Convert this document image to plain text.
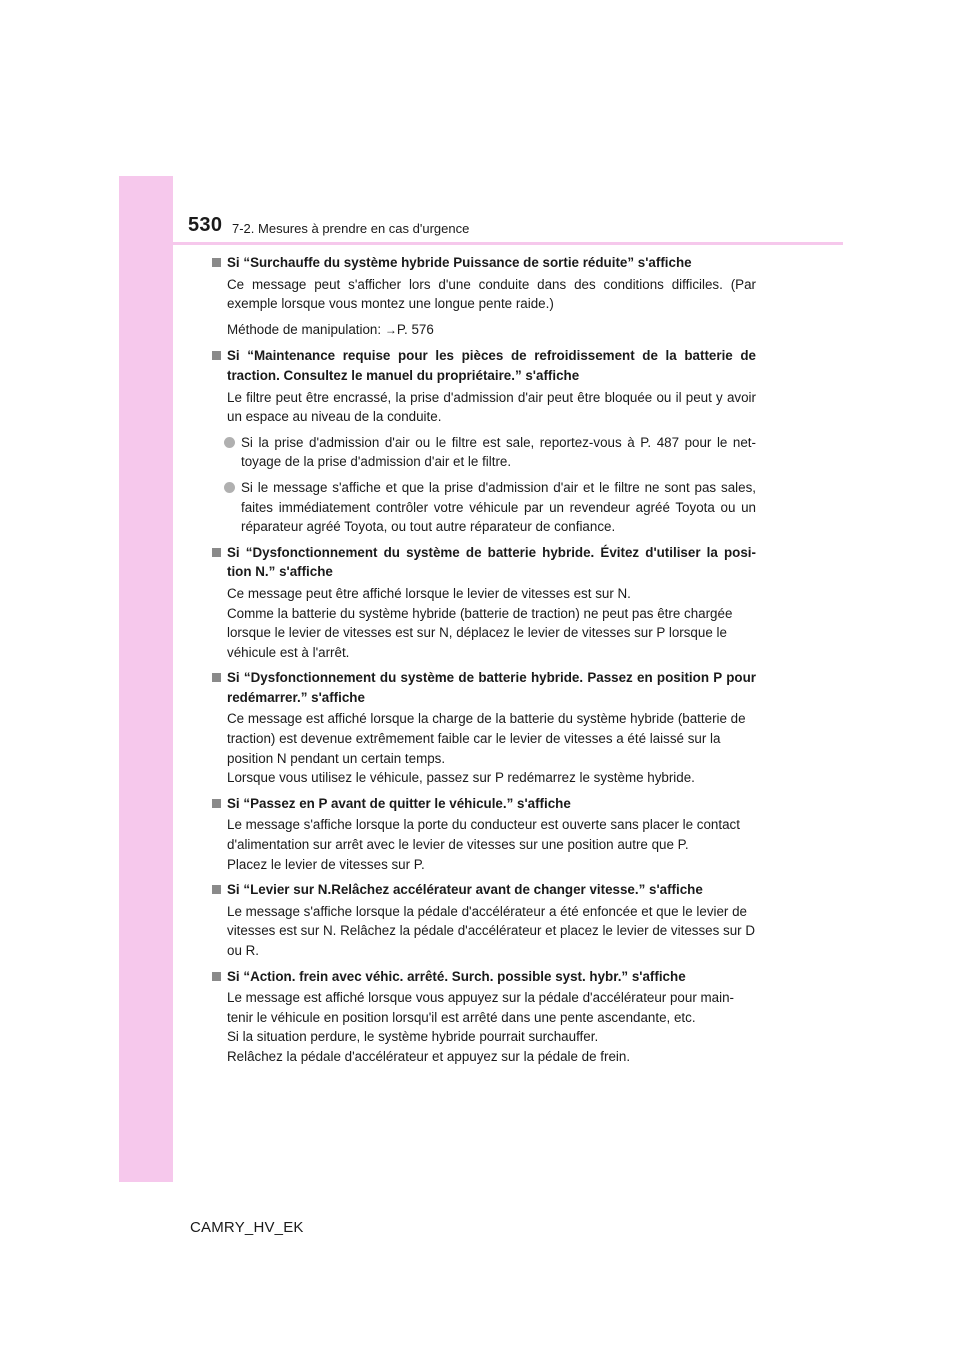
530 7-2. Mesures à prendre en cas d'urgence
Si “Surchauffe du système hybride Puissance de sortie réduite” s'affiche
Ce message peut s'afficher lors d'une conduite dans des conditions difficiles. (Par exemple lorsque vous montez une longue pente raide.)
Méthode de manipulation: →P. 576
Si “Maintenance requise pour les pièces de refroidissement de la batterie de traction. Consultez le manuel du propriétaire.” s'affiche
Le filtre peut être encrassé, la prise d'admission d'air peut être bloquée ou il peut y avoir un espace au niveau de la conduite.
Si la prise d'admission d'air ou le filtre est sale, reportez-vous à P. 487 pour le net-toyage de la prise d'admission d'air et le filtre.
Si le message s'affiche et que la prise d'admission d'air et le filtre ne sont pas sales, faites immédiatement contrôler votre véhicule par un revendeur agréé Toyota ou un réparateur agréé Toyota, ou tout autre réparateur de confiance.
Si “Dysfonctionnement du système de batterie hybride. Évitez d'utiliser la posi-tion N.” s'affiche
Ce message peut être affiché lorsque le levier de vitesses est sur N.
Comme la batterie du système hybride (batterie de traction) ne peut pas être chargée lorsque le levier de vitesses est sur N, déplacez le levier de vitesses sur P lorsque le véhicule est à l'arrêt.
Si “Dysfonctionnement du système de batterie hybride. Passez en position P pour redémarrer.” s'affiche
Ce message est affiché lorsque la charge de la batterie du système hybride (batterie de traction) est devenue extrêmement faible car le levier de vitesses a été laissé sur la position N pendant un certain temps.
Lorsque vous utilisez le véhicule, passez sur P redémarrez le système hybride.
Si “Passez en P avant de quitter le véhicule.” s'affiche
Le message s'affiche lorsque la porte du conducteur est ouverte sans placer le contact d'alimentation sur arrêt avec le levier de vitesses sur une position autre que P.
Placez le levier de vitesses sur P.
Si “Levier sur N.Relâchez accélérateur avant de changer vitesse.” s'affiche
Le message s'affiche lorsque la pédale d'accélérateur a été enfoncée et que le levier de vitesses est sur N. Relâchez la pédale d'accélérateur et placez le levier de vitesses sur D ou R.
Si “Action. frein avec véhic. arrêté. Surch. possible syst. hybr.” s'affiche
Le message est affiché lorsque vous appuyez sur la pédale d'accélérateur pour main-tenir le véhicule en position lorsqu'il est arrêté dans une pente ascendante, etc.
Si la situation perdure, le système hybride pourrait surchauffer.
Relâchez la pédale d'accélérateur et appuyez sur la pédale de frein.
CAMRY_HV_EK
